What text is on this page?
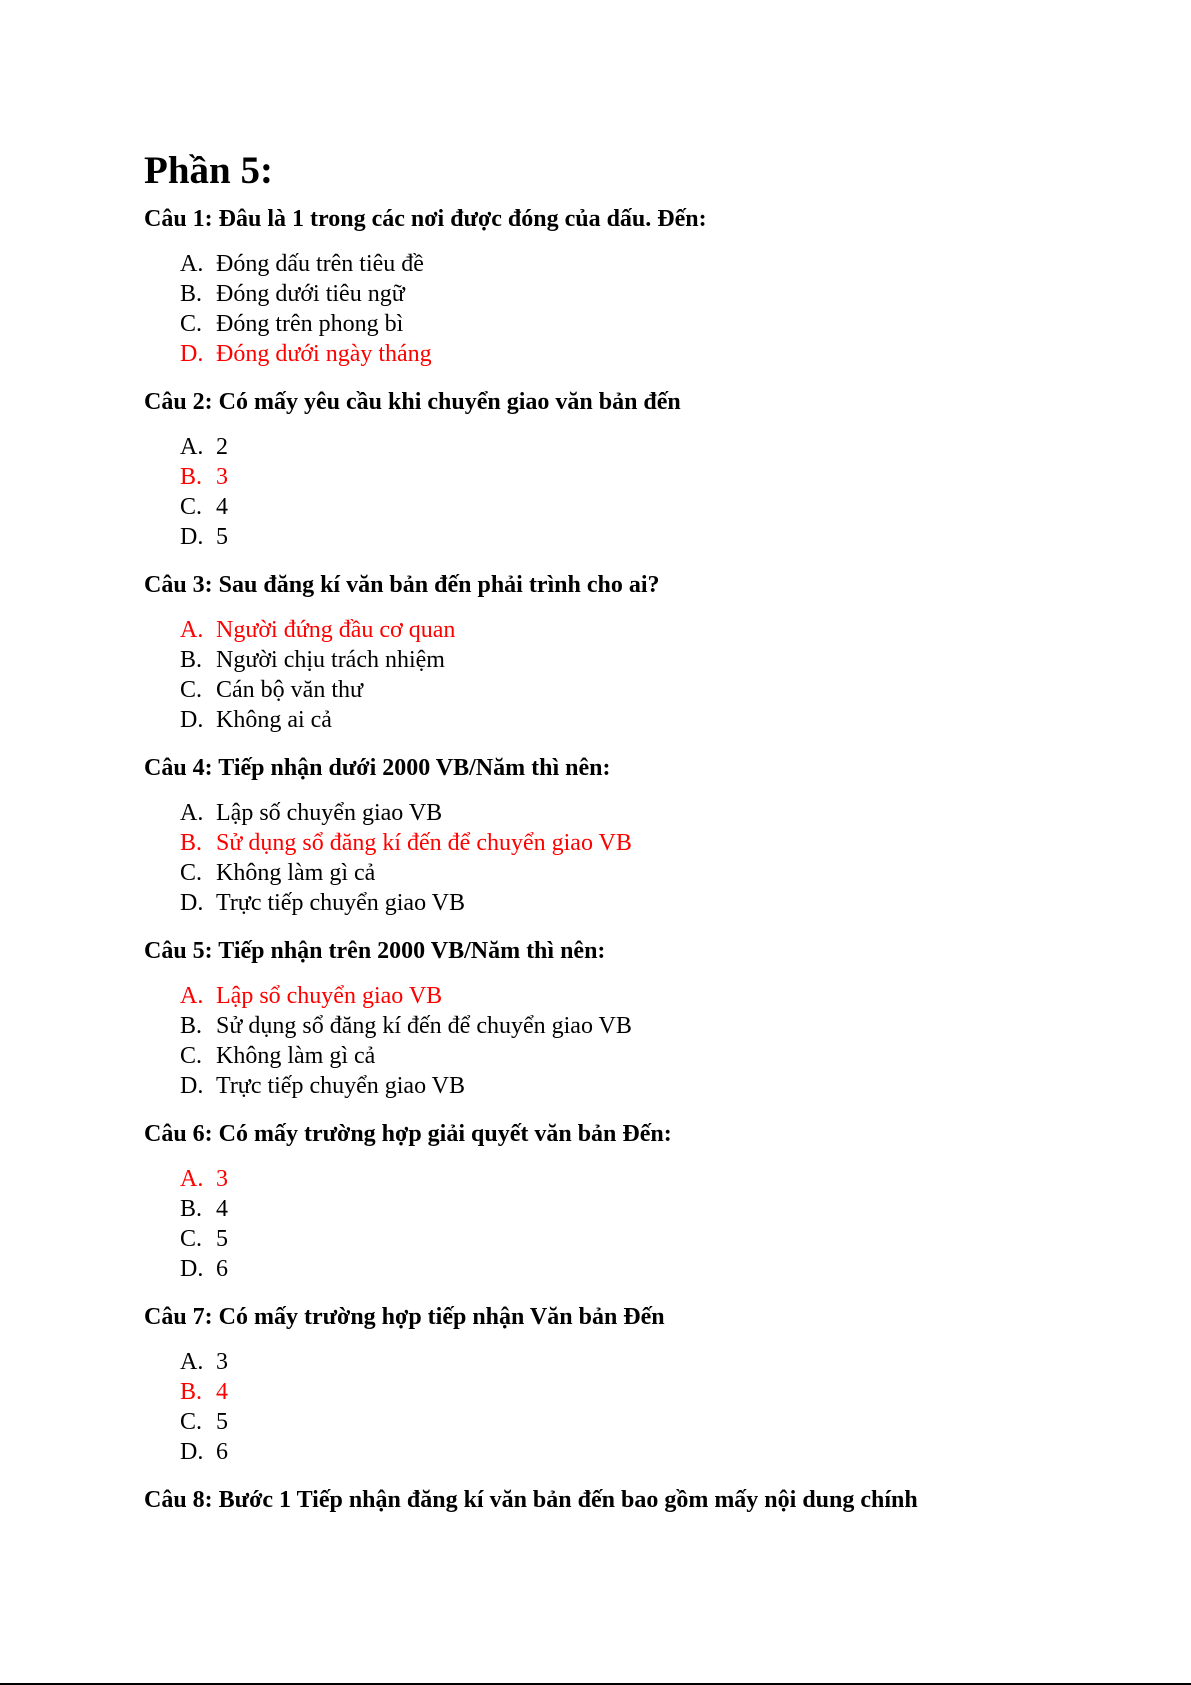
Phần 5:

Câu 1: Đâu là 1 trong các nơi được đóng của dấu. Đến:

A. Đóng dấu trên tiêu đề
B. Đóng dưới tiêu ngữ
C. Đóng trên phong bì
D. Đóng dưới ngày tháng

Câu 2: Có mấy yêu cầu khi chuyển giao văn bản đến

A. 2
B. 3
C. 4
D. 5

Câu 3: Sau đăng kí văn bản đến phải trình cho ai?

A. Người đứng đầu cơ quan
B. Người chịu trách nhiệm
C. Cán bộ văn thư
D. Không ai cả

Câu 4: Tiếp nhận dưới 2000 VB/Năm thì nên:

A. Lập số chuyển giao VB
B. Sử dụng sổ đăng kí đến để chuyển giao VB
C. Không làm gì cả
D. Trực tiếp chuyển giao VB

Câu 5: Tiếp nhận trên 2000 VB/Năm thì nên:

A. Lập sổ chuyển giao VB
B. Sử dụng sổ đăng kí đến để chuyển giao VB
C. Không làm gì cả
D. Trực tiếp chuyển giao VB

Câu 6: Có mấy trường hợp giải quyết văn bản Đến:

A. 3
B. 4
C. 5
D. 6

Câu 7: Có mấy trường hợp tiếp nhận Văn bản Đến

A. 3
B. 4
C. 5
D. 6

Câu 8: Bước 1 Tiếp nhận đăng kí văn bản đến bao gồm mấy nội dung chính
